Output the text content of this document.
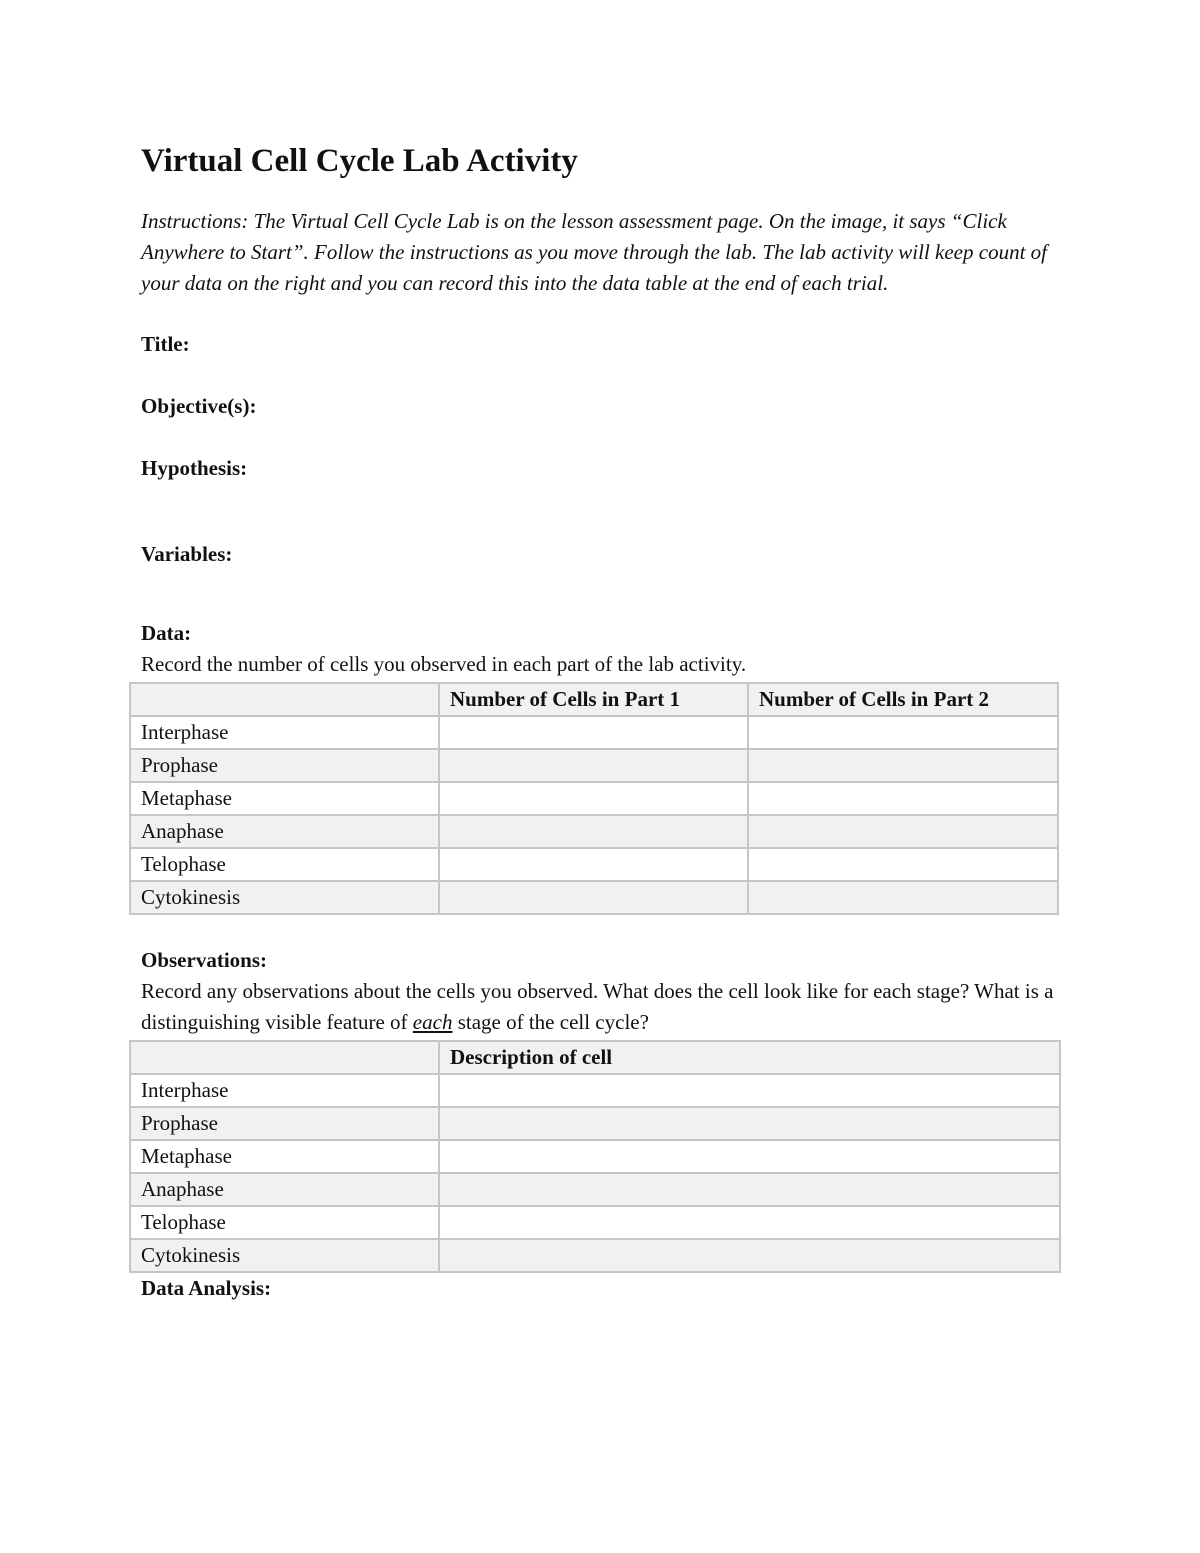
Virtual Cell Cycle Lab Activity

Instructions: The Virtual Cell Cycle Lab is on the lesson assessment page. On the image, it says “Click Anywhere to Start”. Follow the instructions as you move through the lab. The lab activity will keep count of your data on the right and you can record this into the data table at the end of each trial.

Title:

Objective(s):

Hypothesis:

Variables:

Data:

Record the number of cells you observed in each part of the lab activity.

	Number of Cells in Part 1	Number of Cells in Part 2
Interphase		
Prophase		
Metaphase		
Anaphase		
Telophase		
Cytokinesis		

Observations:

Record any observations about the cells you observed. What does the cell look like for each stage? What is a distinguishing visible feature of each stage of the cell cycle?

	Description of cell
Interphase	
Prophase	
Metaphase	
Anaphase	
Telophase	
Cytokinesis	

Data Analysis:
